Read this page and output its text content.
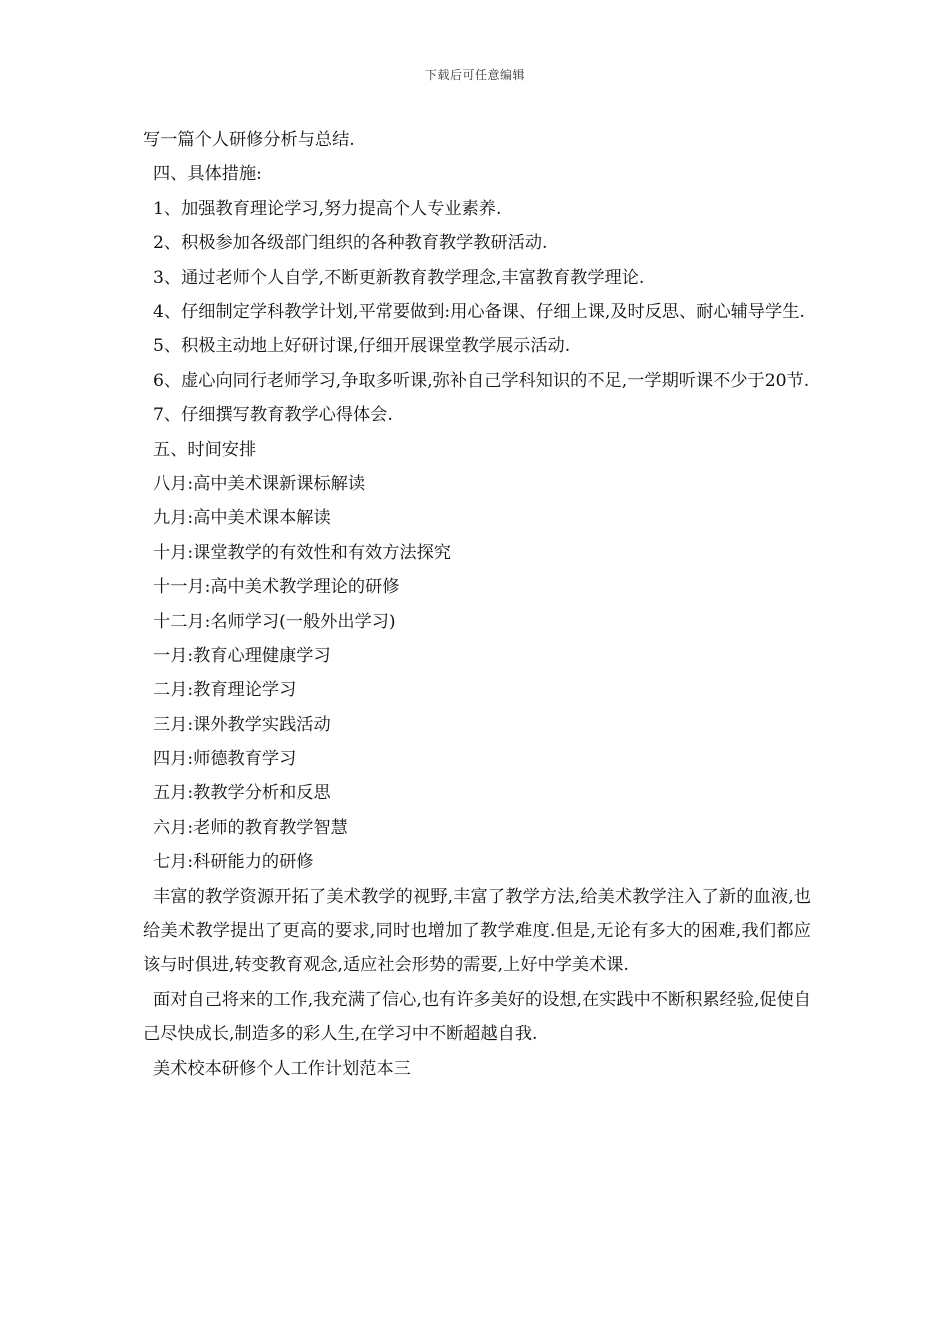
下载后可任意编辑
写一篇个人研修分析与总结.
四、具体措施:
1、加强教育理论学习,努力提高个人专业素养.
2、积极参加各级部门组织的各种教育教学教研活动.
3、通过老师个人自学,不断更新教育教学理念,丰富教育教学理论.
4、仔细制定学科教学计划,平常要做到:用心备课、仔细上课,及时反思、耐心辅导学生.
5、积极主动地上好研讨课,仔细开展课堂教学展示活动.
6、虚心向同行老师学习,争取多听课,弥补自己学科知识的不足,一学期听课不少于20节.
7、仔细撰写教育教学心得体会.
五、时间安排
八月:高中美术课新课标解读
九月:高中美术课本解读
十月:课堂教学的有效性和有效方法探究
十一月:高中美术教学理论的研修
十二月:名师学习(一般外出学习)
一月:教育心理健康学习
二月:教育理论学习
三月:课外教学实践活动
四月:师德教育学习
五月:教教学分析和反思
六月:老师的教育教学智慧
七月:科研能力的研修
丰富的教学资源开拓了美术教学的视野,丰富了教学方法,给美术教学注入了新的血液,也给美术教学提出了更高的要求,同时也增加了教学难度.但是,无论有多大的困难,我们都应该与时俱进,转变教育观念,适应社会形势的需要,上好中学美术课.
面对自己将来的工作,我充满了信心,也有许多美好的设想,在实践中不断积累经验,促使自己尽快成长,制造多的彩人生,在学习中不断超越自我.
美术校本研修个人工作计划范本三
